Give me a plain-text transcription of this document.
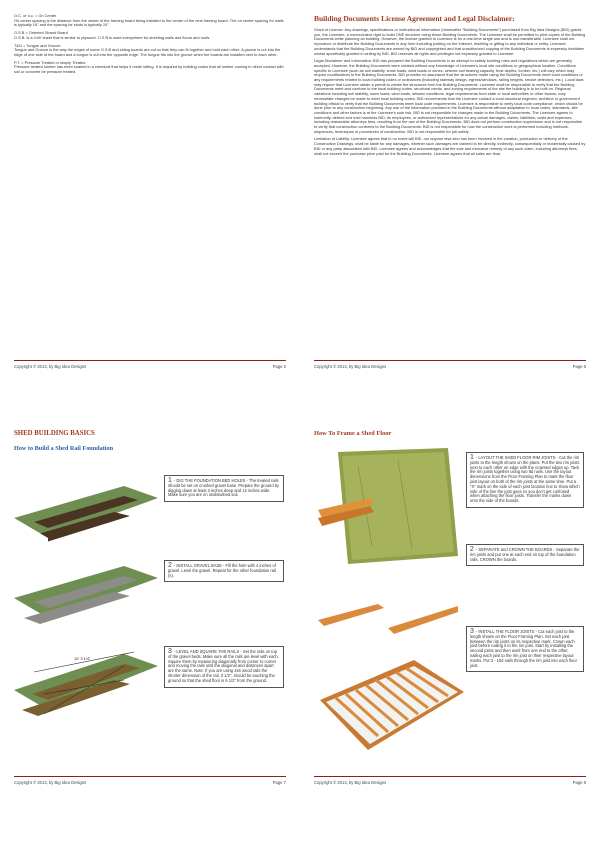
O.C. or o.c. = On Center
On center spacing is the distance from the center of the framing board being installed to the center of the next framing board. The on center spacing for walls is typically 16" and the spacing for studs is typically 24"

O.S.B = Oriented Strand Board
O.S.B. is a 4'x8' sheet that is similar to plywood. O.S.B is used everywhere for sheeting walls and floors and roofs.

T&G = Tongue and Groove
Tongue and Groove is the way the edges of some O.S.B and siding boards are cut so that they can fit together and hold each other. A groove is cut into the edge of one side of the board and a tongue is cut into the opposite edge. The tongue fits into the groove when the boards are installed next to each other.

P.T. = Pressure Treated or simply Treated
Pressure treated lumber has been soaked in a chemical that helps it resist rotting. It is required by building codes that all lumber coming in direct contact with soil or concrete be pressure treated.

Copyright © 2013, by Big Idea Designs	Page 2
Building Documents License Agreement and Legal Disclaimer:

Grant of License: Any drawings, specifications or instructional information (hereinafter "Building Documents") purchased from Big Idea Designs (BID) grants you, the Licensee, a nonexclusive right to build ONE structure using these Building Documents. The Licensee shall be permitted to print copies of the Building Documents while planning an building. However, the license granted to Licensee is for a one-time single use and is non-transferable. Licensee shall not reproduce or distribute the Building Documents in any form including posting on the Internet, reselling or gifting to any individual or entity. Licensee understands that the Building Documents are owned by BID and copyrighted and that unauthorized copying of the Building Documents is expressly forbidden unless specifically granted in writing by BID. BID reserves all rights and privileges not expressly granted to Licensee.

Legal Disclaimer and Information: BID has prepared the Building Documents in an attempt to satisfy building rules and regulations which are generally accepted. However, the Building Documents were created without any knowledge of Licensee's local site conditions or geographical location. Conditions specific to Licensee (such as soil stability, snow loads, wind loads or zones, seismic soil bearing capacity, frost depths, lumber, etc.) will vary which may require modifications to the Building Documents. BID provides no assurance that the structures made using the Building Documents meet local conditions or any requirements related to local building codes or ordinances (including stairway design, egress/windows, railing heights, smoke detectors, etc.). Local laws may require that Licensee obtain a permit to create the structures from the Building Documents. Licensee shall be responsible to verify that the Building Documents meet and conform to the local building codes, structural needs, and zoning requirements of the site the building is to be built on. Regional variations including soil stability, snow loads, wind loads, seismic conditions, legal requirements from state or local authorities or other factors, may necessitate changes be made to meet local building codes. BID recommends that the Licensee contact a local structural engineer, architect or government building official to verify that the Building Documents meet local code requirements. Licensee is responsible to verify local code compliance, which should be done prior to any construction beginning. Any use of the information provided in the Building Documents without adaptation to local codes, standards, site conditions and other factors is at the Licensee's sole risk. BID is not responsible for changes made to the Building Documents. The Licensee agrees to indemnify, defend and hold harmless BID, its employees, or authorized representatives for any actual damages, claims, liabilities, costs and expenses, including reasonable attorneys fees, resulting from the use of the Building Documents. BID does not perform construction supervision and is not responsible to verify that construction conforms to the Building Documents. BID is not responsible for how the construction work is performed including methods, sequences, techniques or procedures of construction. BID is not responsible for job safety.

Limitation of Liability: Licensee agrees that in no event will BID, nor anyone else who has been involved in the creation, production or delivery of the Construction Drawings, shall be liable for any damages, whether such damages are claimed to be directly, indirectly, consequentially or incidentally caused by BID or any party associated with BID. Licensee agrees and acknowledges that the sole and exclusive remedy of any such claim, including attorneys fees, shall not exceed the purchase price paid for the Building Documents. Licensee agrees that all sales are final.

Copyright © 2013, by Big Idea Designs	Page 6
SHED BUILDING BASICS
How to Build a Shed Rail Foundation
1 - DIG THE FOUNDATION BED HOLES - The treated rails should be set on crushed gravel base. Prepare the ground by digging down at least 3 inches deep and 12 inches wide. Make sure you are on undisturbed soil.
2 - INSTALL GRAVEL BASE - Fill the hole with 4 inches of gravel. Level the gravel. Repeat for the other foundation rail (s).
10' 3 1/4"
3 - LEVEL AND SQUARE THE RAILS - Set the rails on top of the gravel beds. Make sure all the rails are level with each. Square them by measuring diagonally from corner to corner and moving the rails until the diagonal and distances apart are the same. Note: If you are using 4x6 wood rails the shorter dimension of the rail, 3 1/2", should be touching the ground so that the shed floor is 5 1/2" from the ground.
Copyright © 2013, by Big Idea Designs	Page 7
How To Frame a Shed Floor
1 - LAYOUT THE SHED FLOOR RIM JOISTS - Cut the rim joists to the length shown on the plans. Put the two rim joists next to each other on edge with the crowned edges up. Tack the rim joists together using two 8d nails. Use the layout dimensions from the Floor Framing Plan to mark the floor joist layout on both of the rim joists at the same time. Put a "X" mark on the side of each joist location line to show which side of the line the joist goes so you don't get confused when attaching the floor joists. Transfer the marks down onto the side of the boards.
2 - SEPARATE and CROWN THE BOARDS - Separate the rim joists and put one at each end on top of the foundation rails. CROWN the boards.
3 - INSTALL THE FLOOR JOISTS - Cut each joist to the length shown on the Floor Framing Plan. Set each joist between the rim joists on its respective mark. Crown each joist before nailing it to the rim joist. Start by installing the second joists and then work from one end to the other, nailing each joist to the rim joist on their respective layout marks. Put 3 - 10d nails through the rim joist into each floor joist.
Copyright © 2013, by Big Idea Designs	Page 8
